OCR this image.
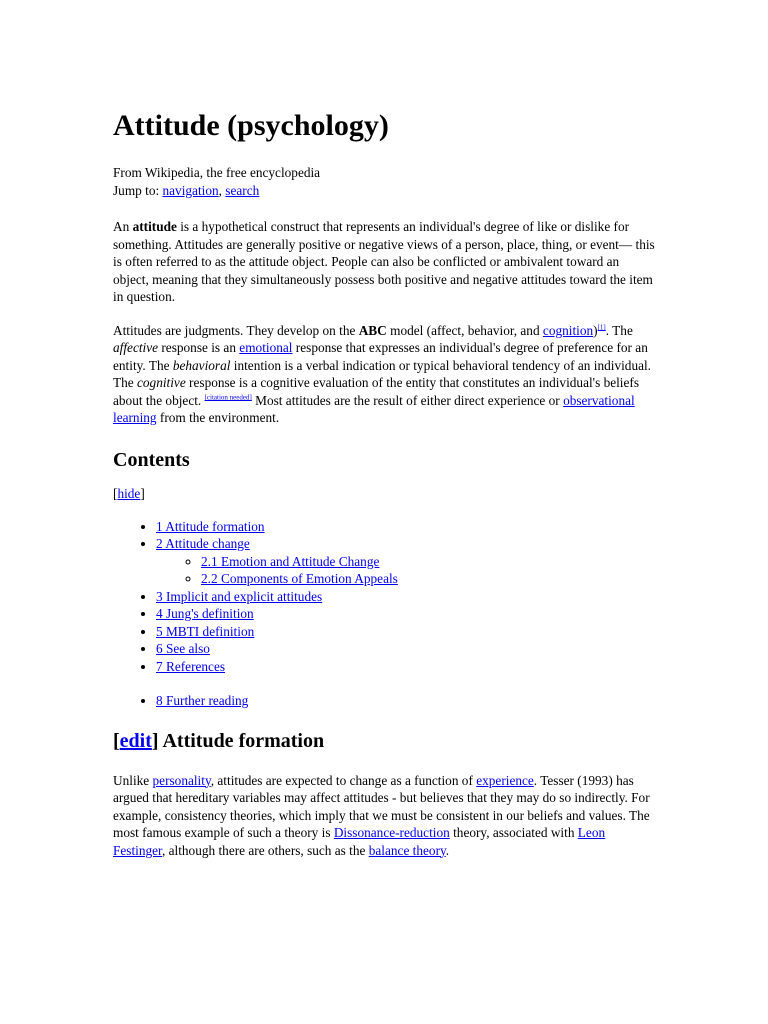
Attitude (psychology)
From Wikipedia, the free encyclopedia
Jump to: navigation, search

An attitude is a hypothetical construct that represents an individual's degree of like or dislike for something. Attitudes are generally positive or negative views of a person, place, thing, or event— this is often referred to as the attitude object. People can also be conflicted or ambivalent toward an object, meaning that they simultaneously possess both positive and negative attitudes toward the item in question.

Attitudes are judgments. They develop on the ABC model (affect, behavior, and cognition)[1]. The affective response is an emotional response that expresses an individual's degree of preference for an entity. The behavioral intention is a verbal indication or typical behavioral tendency of an individual. The cognitive response is a cognitive evaluation of the entity that constitutes an individual's beliefs about the object. [citation needed] Most attitudes are the result of either direct experience or observational learning from the environment.

Contents
[hide]
• 1 Attitude formation
• 2 Attitude change
◦ 2.1 Emotion and Attitude Change
◦ 2.2 Components of Emotion Appeals
• 3 Implicit and explicit attitudes
• 4 Jung's definition
• 5 MBTI definition
• 6 See also
• 7 References
• 8 Further reading
[edit] Attitude formation

Unlike personality, attitudes are expected to change as a function of experience. Tesser (1993) has argued that hereditary variables may affect attitudes - but believes that they may do so indirectly. For example, consistency theories, which imply that we must be consistent in our beliefs and values. The most famous example of such a theory is Dissonance-reduction theory, associated with Leon Festinger, although there are others, such as the balance theory.
